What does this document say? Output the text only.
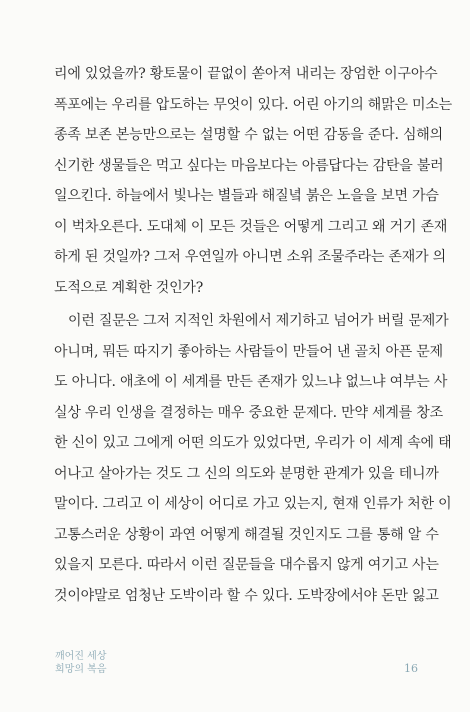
리에 있었을까? 황토물이 끝없이 쏟아져 내리는 장엄한 이구아수
폭포에는 우리를 압도하는 무엇이 있다. 어린 아기의 해맑은 미소는
종족 보존 본능만으로는 설명할 수 없는 어떤 감동을 준다. 심해의
신기한 생물들은 먹고 싶다는 마음보다는 아름답다는 감탄을 불러
일으킨다. 하늘에서 빛나는 별들과 해질녘 붉은 노을을 보면 가슴
이 벅차오른다. 도대체 이 모든 것들은 어떻게 그리고 왜 거기 존재
하게 된 것일까? 그저 우연일까 아니면 소위 조물주라는 존재가 의
도적으로 계획한 것인가?
이런 질문은 그저 지적인 차원에서 제기하고 넘어가 버릴 문제가
아니며, 뭐든 따지기 좋아하는 사람들이 만들어 낸 골치 아픈 문제
도 아니다. 애초에 이 세계를 만든 존재가 있느냐 없느냐 여부는 사
실상 우리 인생을 결정하는 매우 중요한 문제다. 만약 세계를 창조
한 신이 있고 그에게 어떤 의도가 있었다면, 우리가 이 세계 속에 태
어나고 살아가는 것도 그 신의 의도와 분명한 관계가 있을 테니까
말이다. 그리고 이 세상이 어디로 가고 있는지, 현재 인류가 처한 이
고통스러운 상황이 과연 어떻게 해결될 것인지도 그를 통해 알 수
있을지 모른다. 따라서 이런 질문들을 대수롭지 않게 여기고 사는
것이야말로 엄청난 도박이라 할 수 있다. 도박장에서야 돈만 잃고
깨어진 세상
희망의 복음	16
